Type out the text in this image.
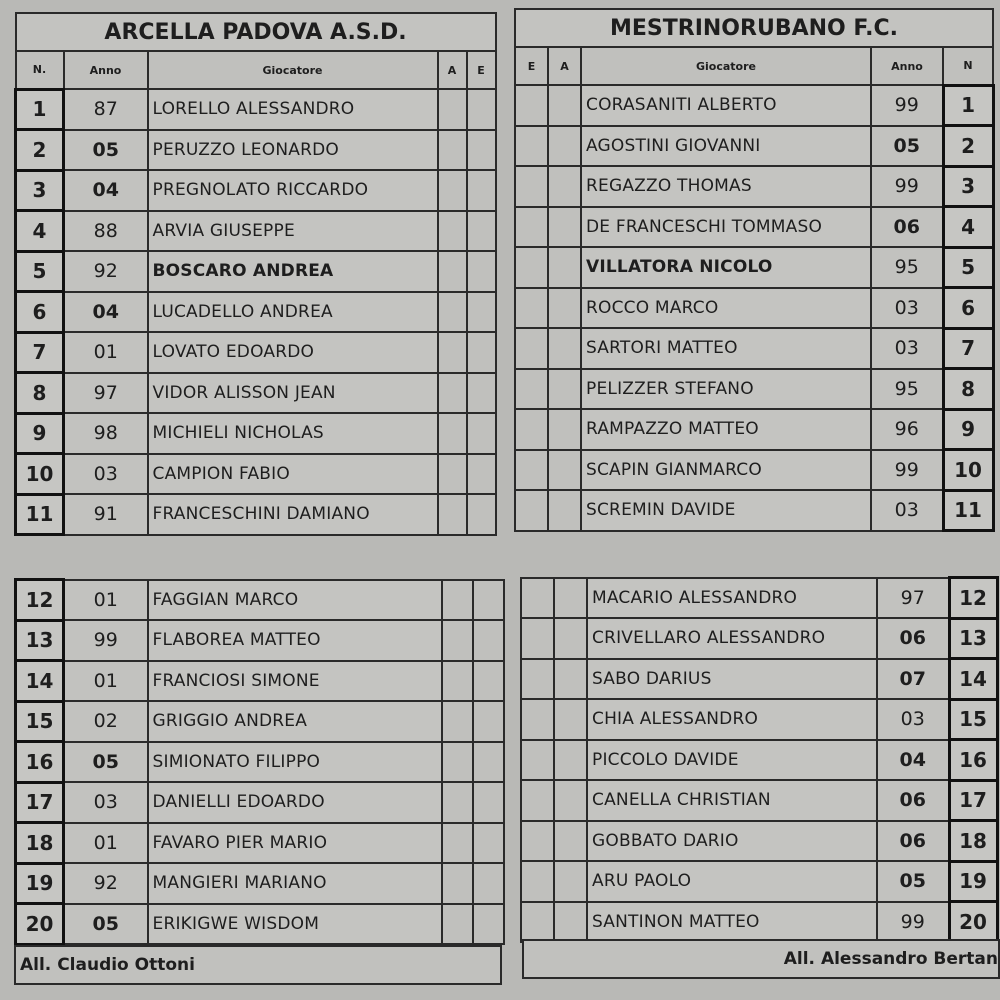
ARCELLA PADOVA A.S.D.				
N.	Anno	Giocatore	A	E
1	87	LORELLO ALESSANDRO		
2	05	PERUZZO LEONARDO		
3	04	PREGNOLATO RICCARDO		
4	88	ARVIA GIUSEPPE		
5	92	BOSCARO ANDREA		
6	04	LUCADELLO ANDREA		
7	01	LOVATO EDOARDO		
8	97	VIDOR ALISSON JEAN		
9	98	MICHIELI NICHOLAS		
10	03	CAMPION FABIO		
11	91	FRANCESCHINI DAMIANO		
MESTRINORUBANO F.C.				
E	A	Giocatore	Anno	N
		CORASANITI ALBERTO	99	1
		AGOSTINI GIOVANNI	05	2
		REGAZZO THOMAS	99	3
		DE FRANCESCHI TOMMASO	06	4
		VILLATORA NICOLO	95	5
		ROCCO MARCO	03	6
		SARTORI MATTEO	03	7
		PELIZZER STEFANO	95	8
		RAMPAZZO MATTEO	96	9
		SCAPIN GIANMARCO	99	10
		SCREMIN DAVIDE	03	11
12	01	FAGGIAN MARCO		
13	99	FLABOREA MATTEO		
14	01	FRANCIOSI SIMONE		
15	02	GRIGGIO ANDREA		
16	05	SIMIONATO FILIPPO		
17	03	DANIELLI EDOARDO		
18	01	FAVARO PIER MARIO		
19	92	MANGIERI MARIANO		
20	05	ERIKIGWE WISDOM		
All. Claudio Ottoni
		MACARIO ALESSANDRO	97	12
		CRIVELLARO ALESSANDRO	06	13
		SABO DARIUS	07	14
		CHIA ALESSANDRO	03	15
		PICCOLO DAVIDE	04	16
		CANELLA CHRISTIAN	06	17
		GOBBATO DARIO	06	18
		ARU PAOLO	05	19
		SANTINON MATTEO	99	20
All. Alessandro Bertan
